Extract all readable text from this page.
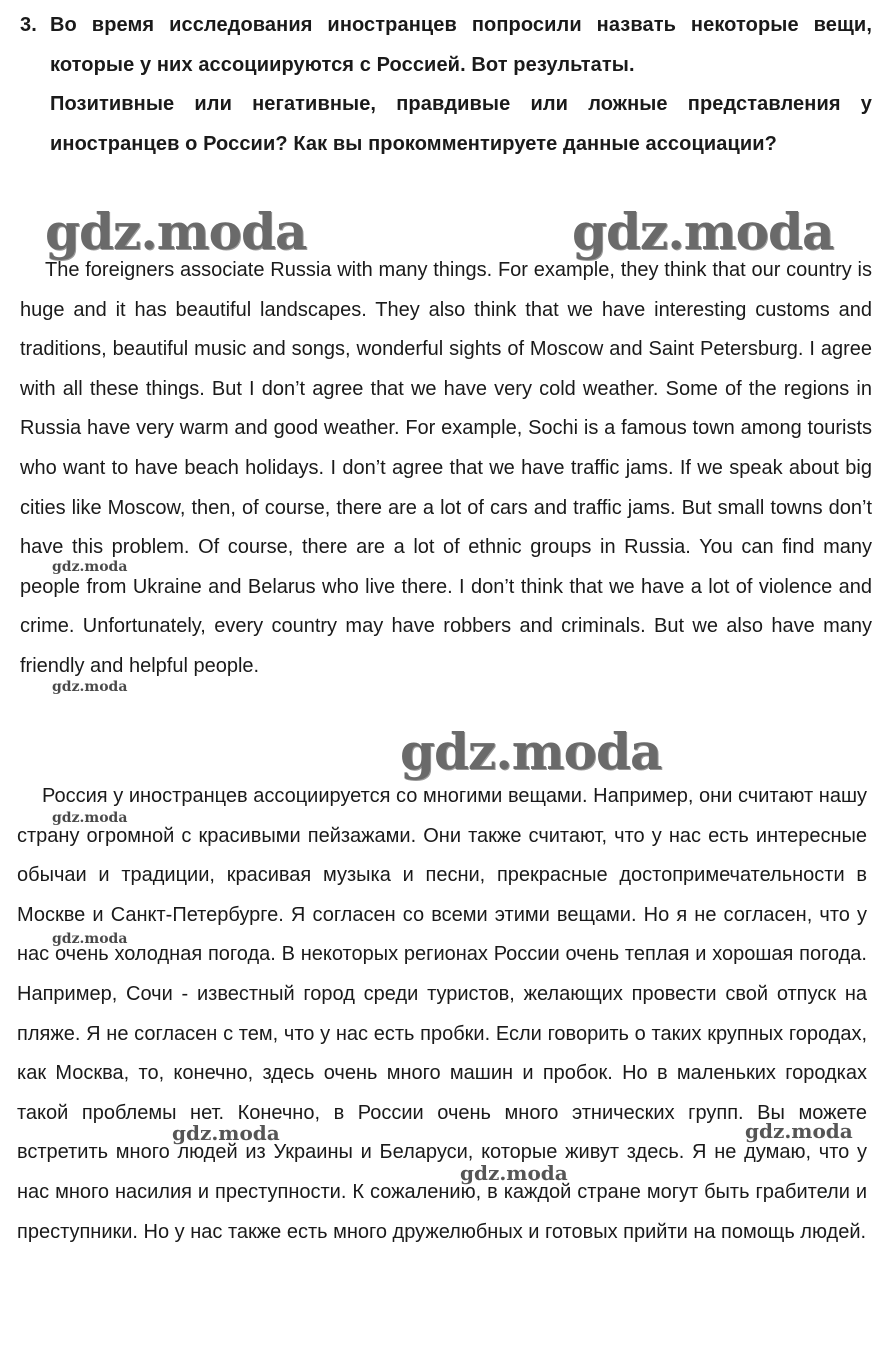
3. Во время исследования иностранцев попросили назвать некоторые вещи, которые у них ассоциируются с Россией. Вот результаты.

Позитивные или негативные, правдивые или ложные представления у иностранцев о России? Как вы прокомментируете данные ассоциации?

The foreigners associate Russia with many things. For example, they think that our country is huge and it has beautiful landscapes. They also think that we have interesting customs and traditions, beautiful music and songs, wonderful sights of Moscow and Saint Petersburg. I agree with all these things. But I don’t agree that we have very cold weather. Some of the regions in Russia have very warm and good weather. For example, Sochi is a famous town among tourists who want to have beach holidays. I don’t agree that we have traffic jams. If we speak about big cities like Moscow, then, of course, there are a lot of cars and traffic jams. But small towns don’t have this problem. Of course, there are a lot of ethnic groups in Russia. You can find many people from Ukraine and Belarus who live there. I don’t think that we have a lot of violence and crime. Unfortunately, every country may have robbers and criminals. But we also have many friendly and helpful people.

Россия у иностранцев ассоциируется со многими вещами. Например, они считают нашу страну огромной с красивыми пейзажами. Они также считают, что у нас есть интересные обычаи и традиции, красивая музыка и песни, прекрасные достопримечательности в Москве и Санкт-Петербурге. Я согласен со всеми этими вещами. Но я не согласен, что у нас очень холодная погода. В некоторых регионах России очень теплая и хорошая погода. Например, Сочи - известный город среди туристов, желающих провести свой отпуск на пляже. Я не согласен с тем, что у нас есть пробки. Если говорить о таких крупных городах, как Москва, то, конечно, здесь очень много машин и пробок. Но в маленьких городках такой проблемы нет. Конечно, в России очень много этнических групп. Вы можете встретить много людей из Украины и Беларуси, которые живут здесь. Я не думаю, что у нас много насилия и преступности. К сожалению, в каждой стране могут быть грабители и преступники. Но у нас также есть много дружелюбных и готовых прийти на помощь людей.

gdz.moda	gdz.moda
gdz.moda
gdz.moda
gdz.moda
gdz.moda
gdz.moda
gdz.moda	gdz.moda
gdz.moda
